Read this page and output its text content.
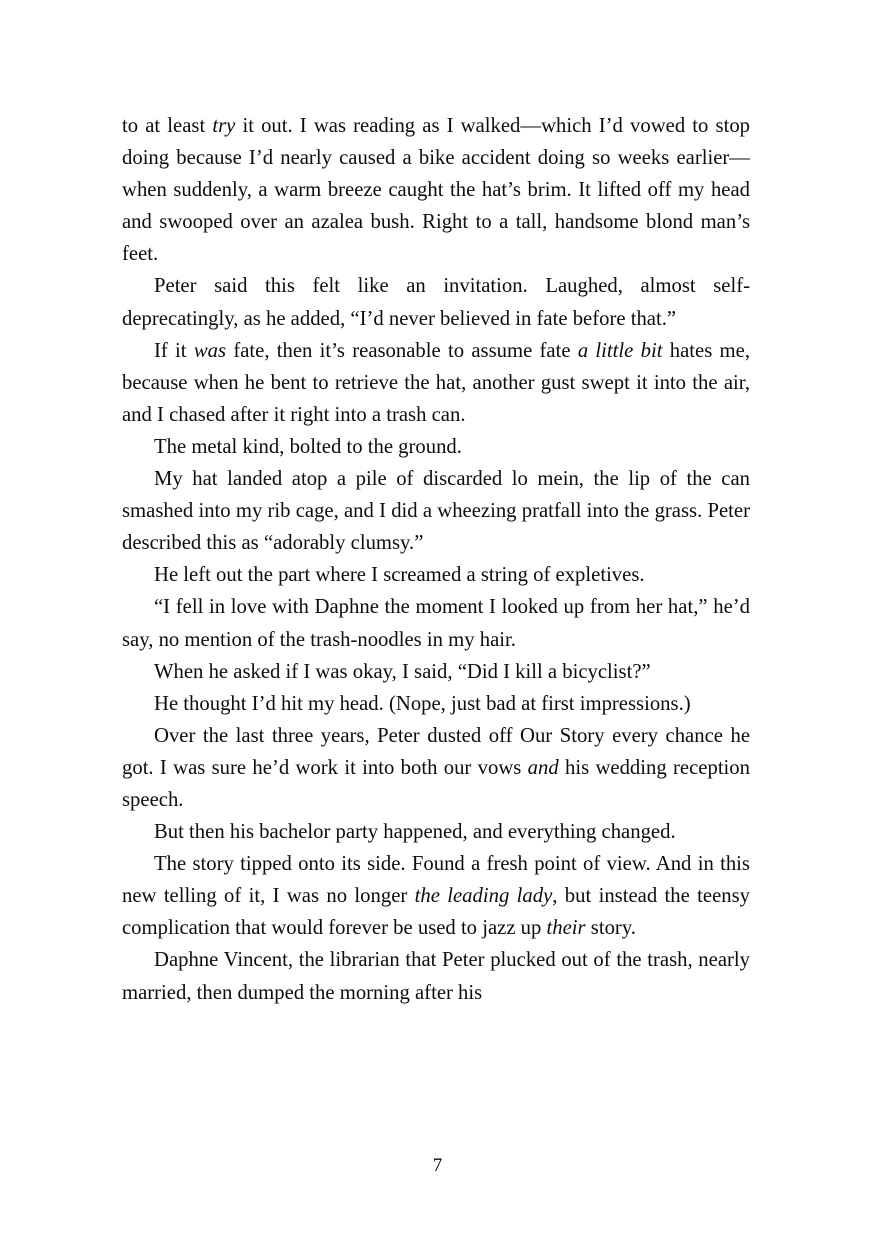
to at least try it out. I was reading as I walked—which I’d vowed to stop doing because I’d nearly caused a bike accident doing so weeks earlier—when suddenly, a warm breeze caught the hat’s brim. It lifted off my head and swooped over an azalea bush. Right to a tall, handsome blond man’s feet.

Peter said this felt like an invitation. Laughed, almost self-deprecatingly, as he added, “I’d never believed in fate before that.”

If it was fate, then it’s reasonable to assume fate a little bit hates me, because when he bent to retrieve the hat, another gust swept it into the air, and I chased after it right into a trash can.

The metal kind, bolted to the ground.

My hat landed atop a pile of discarded lo mein, the lip of the can smashed into my rib cage, and I did a wheezing pratfall into the grass. Peter described this as “adorably clumsy.”

He left out the part where I screamed a string of expletives.

“I fell in love with Daphne the moment I looked up from her hat,” he’d say, no mention of the trash-noodles in my hair.

When he asked if I was okay, I said, “Did I kill a bicyclist?”

He thought I’d hit my head. (Nope, just bad at first impressions.)

Over the last three years, Peter dusted off Our Story every chance he got. I was sure he’d work it into both our vows and his wedding reception speech.

But then his bachelor party happened, and everything changed.

The story tipped onto its side. Found a fresh point of view. And in this new telling of it, I was no longer the leading lady, but instead the teensy complication that would forever be used to jazz up their story.

Daphne Vincent, the librarian that Peter plucked out of the trash, nearly married, then dumped the morning after his

7
